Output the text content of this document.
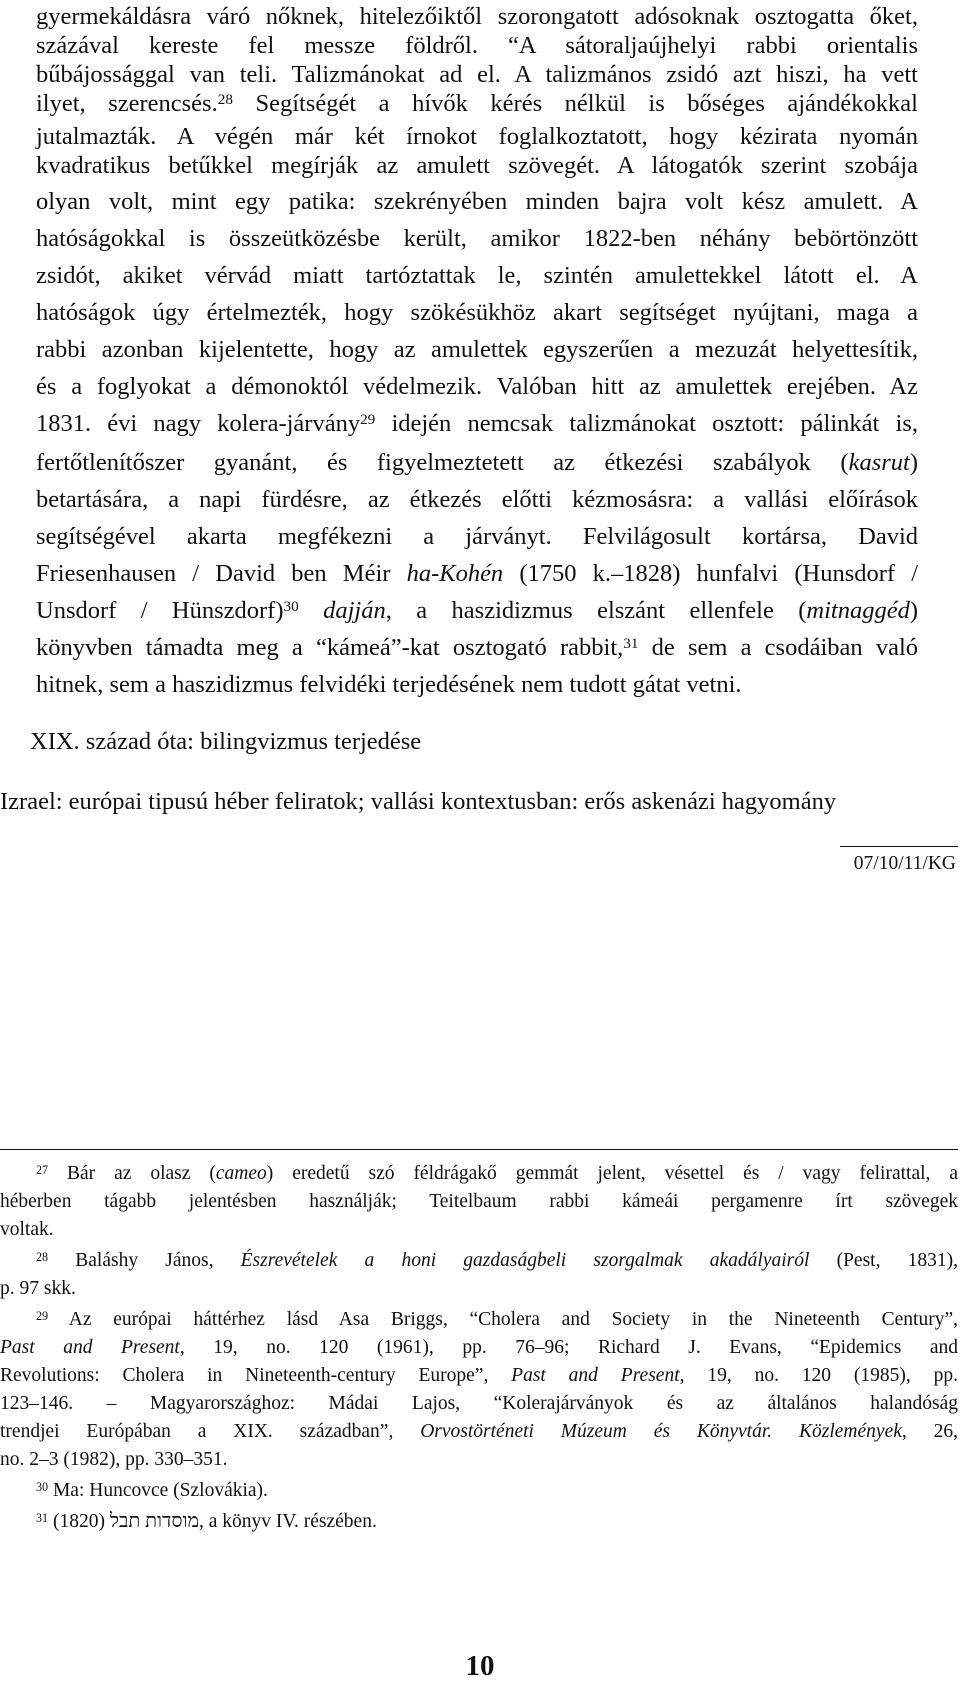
gyermekáldásra váró nőknek, hitelezőiktől szorongatott adósoknak osztogatta őket,
százával kereste fel messze földről. “A sátoraljaújhelyi rabbi orientalis
bűbájossággal van teli. Talizmánokat ad el. A talizmános zsidó azt hiszi, ha vett
ilyet, szerencsés.$^{28}$ Segítségét a hívők kérés nélkül is bőséges ajándékokkal
jutalmazták. A végén már két írnokot foglalkoztatott, hogy kézirata nyomán
kvadratikus betűkkel megírják az amulett szövegét. A látogatók szerint szobája
olyan volt, mint egy patika: szekrényében minden bajra volt kész amulett. A
hatóságokkal is összeütközésbe került, amikor 1822-ben néhány bebörtönzött
zsidót, akiket vérvád miatt tartóztattak le, szintén amulettekkel látott el. A
hatóságok úgy értelmezték, hogy szökésükhöz akart segítséget nyújtani, maga a
rabbi azonban kijelentette, hogy az amulettek egyszerűen a mezuzát helyettesítik,
és a foglyokat a démonoktól védelmezik. Valóban hitt az amulettek erejében. Az
1831. évi nagy kolera-járvány$^{29}$ idején nemcsak talizmánokat osztott: pálinkát is,
fertőtlenítőszer gyanánt, és figyelmeztetett az étkezési szabályok (kasrut)
betartására, a napi fürdésre, az étkezés előtti kézmosásra: a vallási előírások
segítségével akarta megfékezni a járványt. Felvilágosult kortársa, David
Friesenhausen / David ben Méir ha-Kohén (1750 k.–1828) hunfalvi (Hunsdorf /
Unsdorf / Hünszdorf)$^{30}$ dajján, a haszidizmus elszánt ellenfele (mitnaggéd)
könyvben támadta meg a “kámeá”-kat osztogató rabbit,$^{31}$ de sem a csodáiban való
hitnek, sem a haszidizmus felvidéki terjedésének nem tudott gátat vetni.
XIX. század óta: bilingvizmus terjedése
Izrael: európai tipusú héber feliratok; vallási kontextusban: erős askenázi hagyomány
07/10/11/KG
$^{27}$ Bár az olasz (cameo) eredetű szó féldrágakő gemmát jelent, vésettel és / vagy felirattal, a
héberben tágabb jelentésben használják; Teitelbaum rabbi kámeái pergamenre írt szövegek
voltak.
$^{28}$ Baláshy János, Észrevételek a honi gazdaságbeli szorgalmak akadályairól (Pest, 1831),
p. 97 skk.
$^{29}$ Az európai háttérhez lásd Asa Briggs, “Cholera and Society in the Nineteenth Century”,
Past and Present, 19, no. 120 (1961), pp. 76–96; Richard J. Evans, “Epidemics and
Revolutions: Cholera in Nineteenth-century Europe”, Past and Present, 19, no. 120 (1985), pp.
123–146. – Magyarországhoz: Mádai Lajos, “Kolerajárványok és az általános halandóság
trendjei Európában a XIX. században”, Orvostörténeti Múzeum és Könyvtár. Közlemények, 26,
no. 2–3 (1982), pp. 330–351.
$^{30}$ Ma: Huncovce (Szlovákia).
$^{31}$	מוסדות תבל (1820), a könyv IV. részében.
10
